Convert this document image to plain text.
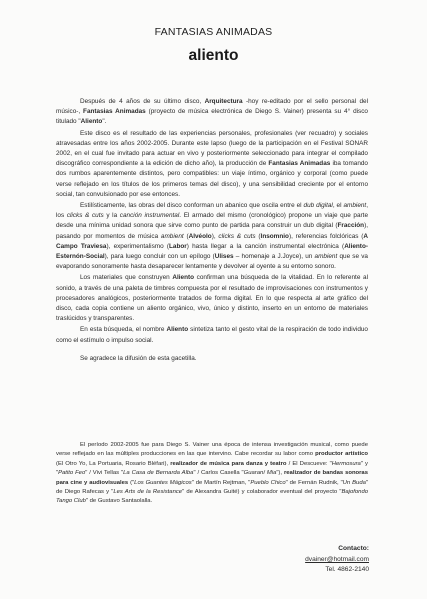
FANTASIAS ANIMADAS
aliento

Después de 4 años de su último disco, Arquitectura -hoy re-editado por el sello personal del músico-, Fantasias Animadas (proyecto de música electrónica de Diego S. Vainer) presenta su 4° disco titulado "Aliento".

Este disco es el resultado de las experiencias personales, profesionales (ver recuadro) y sociales atravesadas entre los años 2002-2005. Durante este lapso (luego de la participación en el Festival SONAR 2002, en el cual fue invitado para actuar en vivo y posteriormente seleccionado para integrar el compilado discográfico correspondiente a la edición de dicho año), la producción de Fantasias Animadas iba tomando dos rumbos aparentemente distintos, pero compatibles: un viaje íntimo, orgánico y corporal (como puede verse reflejado en los títulos de los primeros temas del disco), y una sensibilidad creciente por el entorno social, tan convulsionado por ese entonces.

Estilísticamente, las obras del disco conforman un abanico que oscila entre el dub digital, el ambient, los clicks & cuts y la canción instrumental. El armado del mismo (cronológico) propone un viaje que parte desde una mínima unidad sonora que sirve como punto de partida para construir un dub digital (Fracción), pasando por momentos de música ambient (Alvéolo), clicks & cuts (Insomnio), referencias folclóricas (A Campo Traviesa), experimentalismo (Labor) hasta llegar a la canción instrumental electrónica (Aliento-Esternón-Social), para luego concluir con un epílogo (Ulises – homenaje a J.Joyce), un ambient que se va evaporando sonoramente hasta desaparecer lentamente y devolver al oyente a su entorno sonoro.

Los materiales que construyen Aliento confirman una búsqueda de la vitalidad. En lo referente al sonido, a través de una paleta de timbres compuesta por el resultado de improvisaciones con instrumentos y procesadores analógicos, posteriormente tratados de forma digital. En lo que respecta al arte gráfico del disco, cada copia contiene un aliento orgánico, vivo, único y distinto, inserto en un entorno de materiales traslúcidos y transparentes.

En esta búsqueda, el nombre Aliento sintetiza tanto el gesto vital de la respiración de todo individuo como el estímulo o impulso social.

Se agradece la difusión de esta gacetilla.

El período 2002-2005 fue para Diego S. Vainer una época de intensa investigación musical, como puede verse reflejado en las múltiples producciones en las que intervino. Cabe recordar su labor como productor artístico (El Otro Yo, La Portuaria, Rosario Bléfari), realizador de música para danza y teatro / El Descueve: "Hermosura" y "Patito Feo" / Vivi Tellas "La Casa de Bernarda Alba" / Carlos Casella "Guaraní Mia"), realizador de bandas sonoras para cine y audiovisuales ("Los Guantes Mágicos" de Martín Rejtman, "Pueblo Chico" de Fernán Rudnik, "Un Buda" de Diego Rafecas y "Les Arts de la Resistance" de Alexandra Guité) y colaborador eventual del proyecto "Bajofondo Tango Club" de Gustavo Santaolalla.

Contacto:
dvainer@hotmail.com
Tel. 4862-2140
